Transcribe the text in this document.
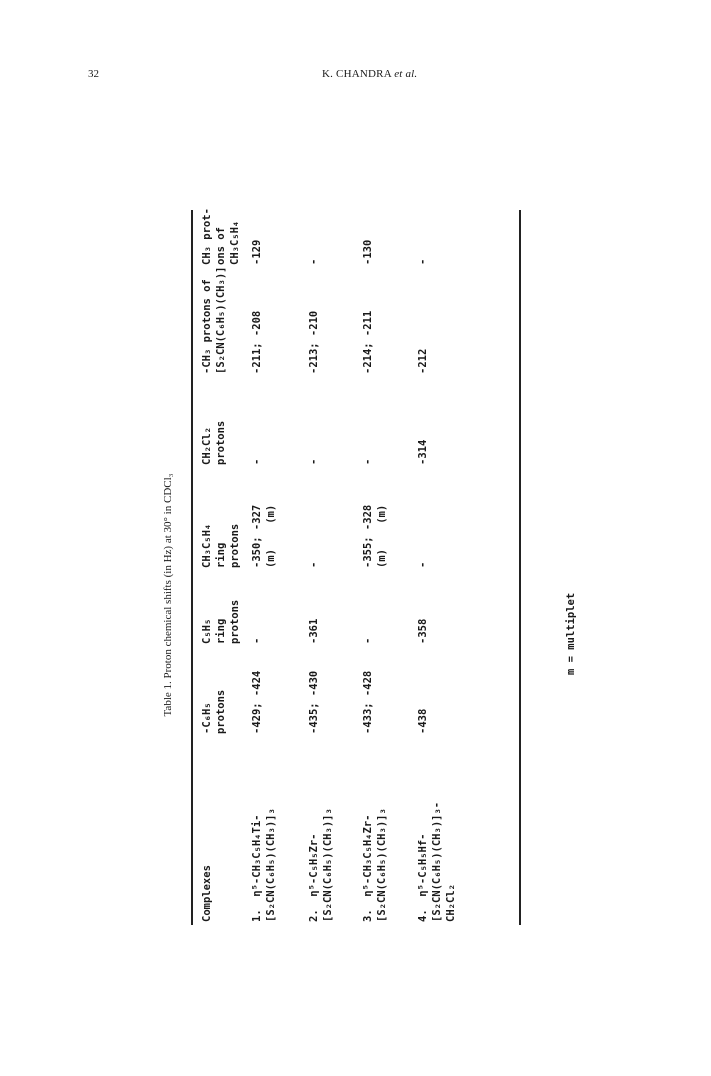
32	K. CHANDRA et al.
Table 1. Proton chemical shifts (in Hz) at 30° in CDCl₃
Complexes
-C₆H₅ protons
C₅H₅ ring protons
CH₃C₅H₄ ring protons
CH₂Cl₂ protons
-CH₃ protons of [S₂CN(C₆H₅)(CH₃)]
CH₃ prot- ons of CH₃C₅H₄
1.  η⁵-CH₃C₅H₄Ti- [S₂CN(C₆H₅)(CH₃)]₃
-429; -424
-
-350; -327 (m)    (m)
-
-211; -208
-129
2.  η⁵-C₅H₅Zr- [S₂CN(C₆H₅)(CH₃)]₃
-435; -430
-361
-
-
-213; -210
-
3.  η⁵-CH₃C₅H₄Zr- [S₂CN(C₆H₅)(CH₃)]₃
-433; -428
-
-355; -328 (m)    (m)
-
-214; -211
-130
4.  η⁵-C₅H₅Hf- [S₂CN(C₆H₅)(CH₃)]₃- CH₂Cl₂
-438
-358
-
-314
-212
-
m = multiplet
